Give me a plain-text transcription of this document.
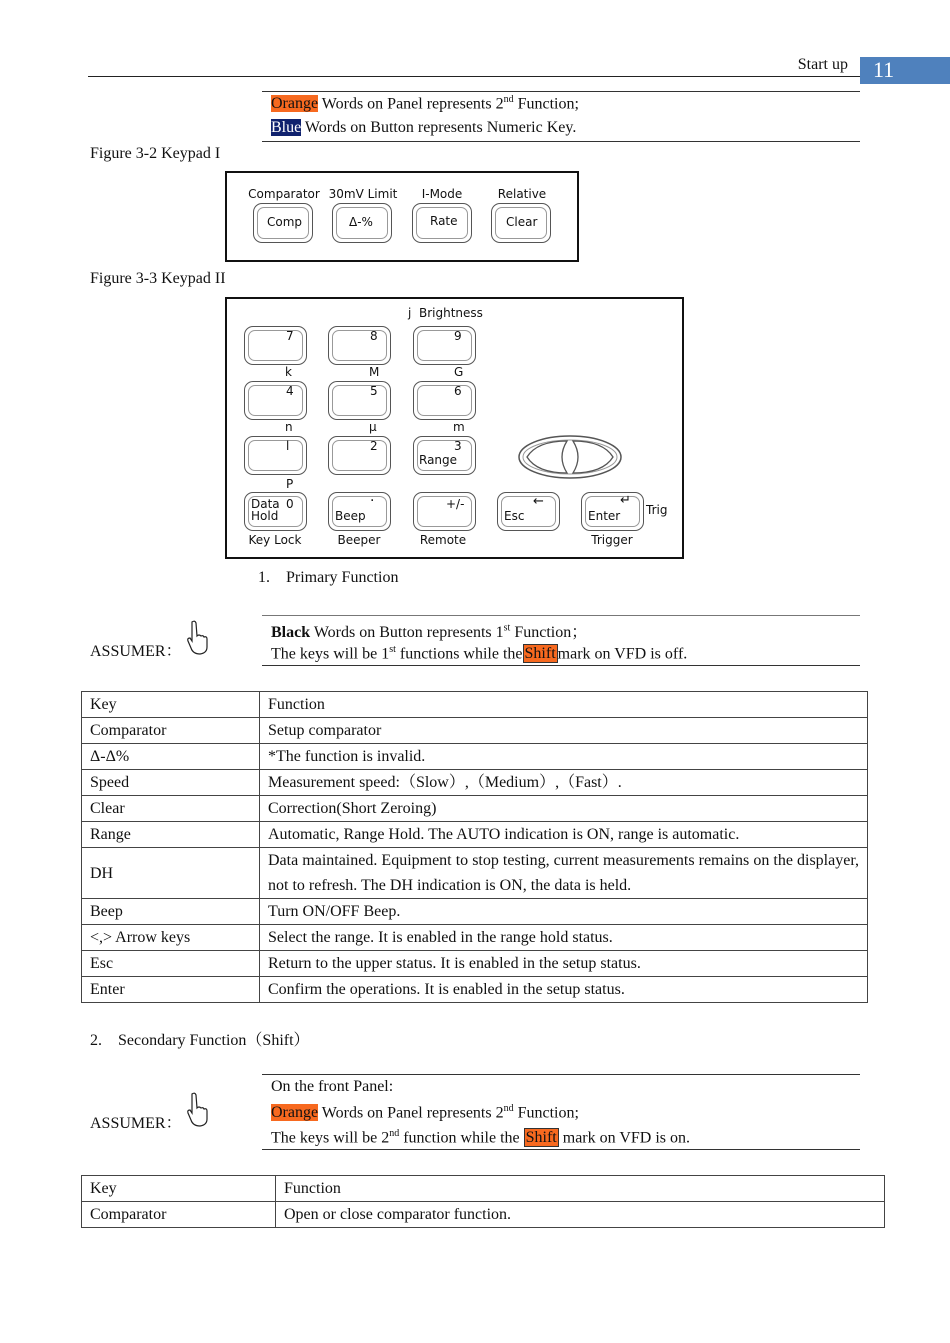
Start up 11
Orange Words on Panel represents 2nd Function;
Blue Words on Button represents Numeric Key.
Figure 3-2 Keypad I
Comparator 30mV Limit I-Mode	Relative
Comp	Δ-%	Rate	Clear
Figure 3-3 Keypad II
j Brightness
7	8	9
k	M	G
4	5	6
n	μ	m
l	2	3
Range
P
0
Data
Hold
·
Beep
+/-	←
Esc
↵
Enter Trig
Key Lock	Beeper	Remote	Trigger
1. Primary Function
ASSUMER：
Black Words on Button represents 1st Function；
The keys will be 1st functions while the Shift mark on VFD is off.
Key	Function
Comparator	Setup comparator
Δ-Δ%	*The function is invalid.
Speed	Measurement speed:（Slow）,（Medium）,（Fast）.
Clear	Correction(Short Zeroing)
Range	Automatic, Range Hold. The AUTO indication is ON, range is automatic.
DH	Data maintained. Equipment to stop testing, current measurements remains on the displayer, not to refresh. The DH indication is ON, the data is held.
Beep	Turn ON/OFF Beep.
<,> Arrow keys	Select the range. It is enabled in the range hold status.
Esc	Return to the upper status. It is enabled in the setup status.
Enter	Confirm the operations. It is enabled in the setup status.
2. Secondary Function（Shift）
ASSUMER：
On the front Panel:
Orange Words on Panel represents 2nd Function;
The keys will be 2nd function while the Shift mark on VFD is on.
Key	Function
Comparator	Open or close comparator function.
